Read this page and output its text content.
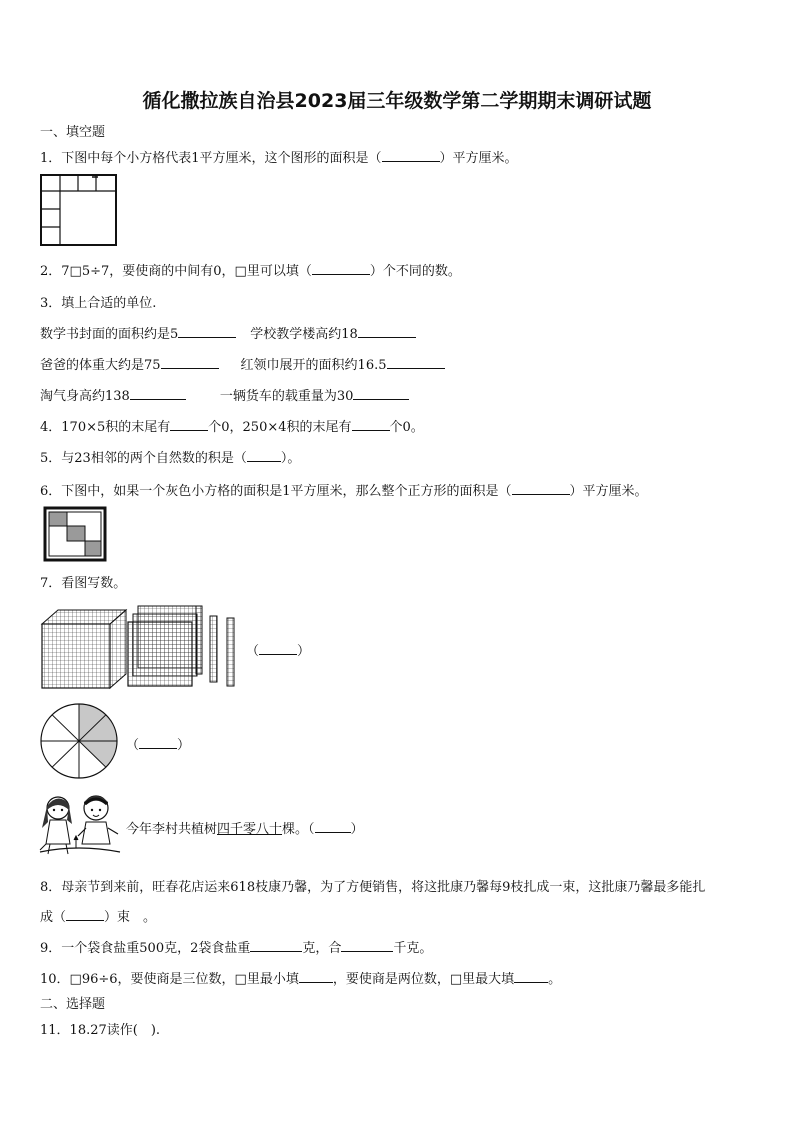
循化撒拉族自治县2023届三年级数学第二学期期末调研试题
一、填空题
1．下图中每个小方格代表1平方厘米，这个图形的面积是（	）平方厘米。
2．7□5÷7，要使商的中间有0，□里可以填（	）个不同的数。
3．填上合适的单位.
数学书封面的面积约是5	学校教学楼高约18
爸爸的体重大约是75	红领巾展开的面积约16.5
淘气身高约138	一辆货车的载重量为30
4．170×5积的末尾有	个0，250×4积的末尾有	个0。
5．与23相邻的两个自然数的积是（	）。
6．下图中，如果一个灰色小方格的面积是1平方厘米，那么整个正方形的面积是（	）平方厘米。
7．看图写数。
（	）
（	）
今年李村共植树四千零八十棵。（	）
8．母亲节到来前，旺春花店运来618枝康乃馨，为了方便销售，将这批康乃馨每9枝扎成一束，这批康乃馨最多能扎
成（	）束　。
9．一个袋食盐重500克，2袋食盐重	克，合	千克。
10．□96÷6，要使商是三位数，□里最小填	，要使商是两位数，□里最大填	。
二、选择题
11．18.27读作(　).
